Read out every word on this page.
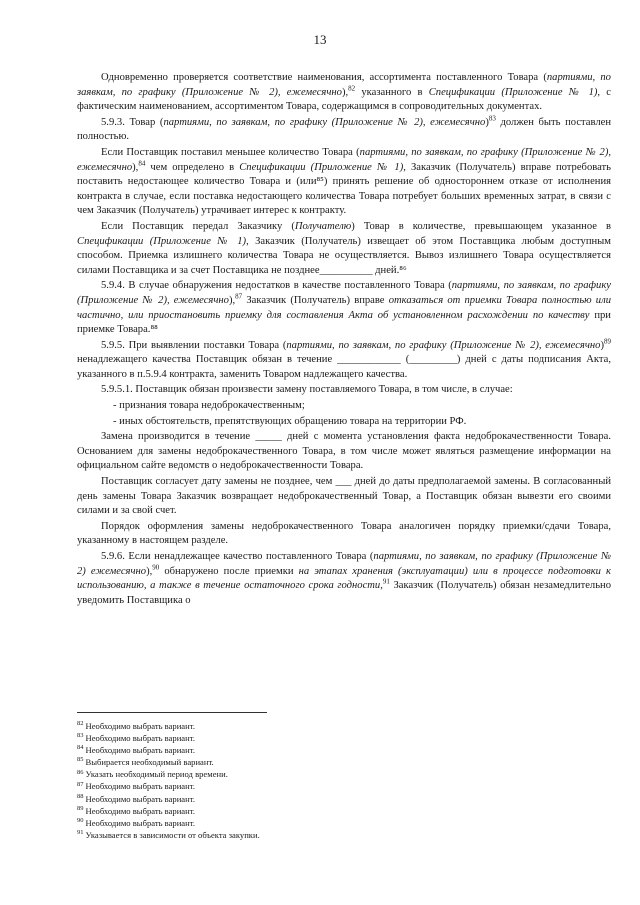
13

Одновременно проверяется соответствие наименования, ассортимента поставленного Товара (партиями, по заявкам, по графику (Приложение № 2), ежемесячно),$^{82}$ указанного в Спецификации (Приложение № 1), с фактическим наименованием, ассортиментом Товара, содержащимся в сопроводительных документах.

5.9.3. Товар (партиями, по заявкам, по графику (Приложение № 2), ежемесячно)$^{83}$ должен быть поставлен полностью.

Если Поставщик поставил меньшее количество Товара (партиями, по заявкам, по графику (Приложение № 2), ежемесячно),$^{84}$ чем определено в Спецификации (Приложение № 1), Заказчик (Получатель) вправе потребовать поставить недостающее количество Товара и (или⁸⁵) принять решение об одностороннем отказе от исполнения контракта в случае, если поставка недостающего количества Товара потребует больших временных затрат, в связи с чем Заказчик (Получатель) утрачивает интерес к контракту.

Если Поставщик передал Заказчику (Получателю) Товар в количестве, превышающем указанное в Спецификации (Приложение № 1), Заказчик (Получатель) извещает об этом Поставщика любым доступным способом. Приемка излишнего количества Товара не осуществляется. Вывоз излишнего Товара осуществляется силами Поставщика и за счет Поставщика не позднее__________ дней.⁸⁶

5.9.4. В случае обнаружения недостатков в качестве поставленного Товара (партиями, по заявкам, по графику (Приложение № 2), ежемесячно),$^{87}$ Заказчик (Получатель) вправе отказаться от приемки Товара полностью или частично, или приостановить приемку для составления Акта об установленном расхождении по качеству при приемке Товара.⁸⁸

5.9.5. При выявлении поставки Товара (партиями, по заявкам, по графику (Приложение № 2), ежемесячно)$^{89}$ ненадлежащего качества Поставщик обязан в течение ____________ (_________) дней с даты подписания Акта, указанного в п.5.9.4 контракта, заменить Товаром надлежащего качества.

5.9.5.1. Поставщик обязан произвести замену поставляемого Товара, в том числе, в случае:

- признания товара недоброкачественным;

- иных обстоятельств, препятствующих обращению товара на территории РФ.

Замена производится в течение _____ дней с момента установления факта недоброкачественности Товара. Основанием для замены недоброкачественного Товара, в том числе может являться размещение информации на официальном сайте ведомств о недоброкачественности Товара.

Поставщик согласует дату замены не позднее, чем ___ дней до даты предполагаемой замены. В согласованный день замены Товара Заказчик возвращает недоброкачественный Товар, а Поставщик обязан вывезти его своими силами и за свой счет.

Порядок оформления замены недоброкачественного Товара аналогичен порядку приемки/сдачи Товара, указанному в настоящем разделе.

5.9.6. Если ненадлежащее качество поставленного Товара (партиями, по заявкам, по графику (Приложение № 2) ежемесячно),$^{90}$ обнаружено после приемки на этапах хранения (эксплуатации) или в процессе подготовки к использованию, а также в течение остаточного срока годности,$^{91}$ Заказчик (Получатель) обязан незамедлительно уведомить Поставщика о

$^{82}$ Необходимо выбрать вариант.
$^{83}$ Необходимо выбрать вариант.
$^{84}$ Необходимо выбрать вариант.
$^{85}$ Выбирается необходимый вариант.
$^{86}$ Указать необходимый период времени.
$^{87}$ Необходимо выбрать вариант.
$^{88}$ Необходимо выбрать вариант.
$^{89}$ Необходимо выбрать вариант.
$^{90}$ Необходимо выбрать вариант.
$^{91}$ Указывается в зависимости от объекта закупки.
